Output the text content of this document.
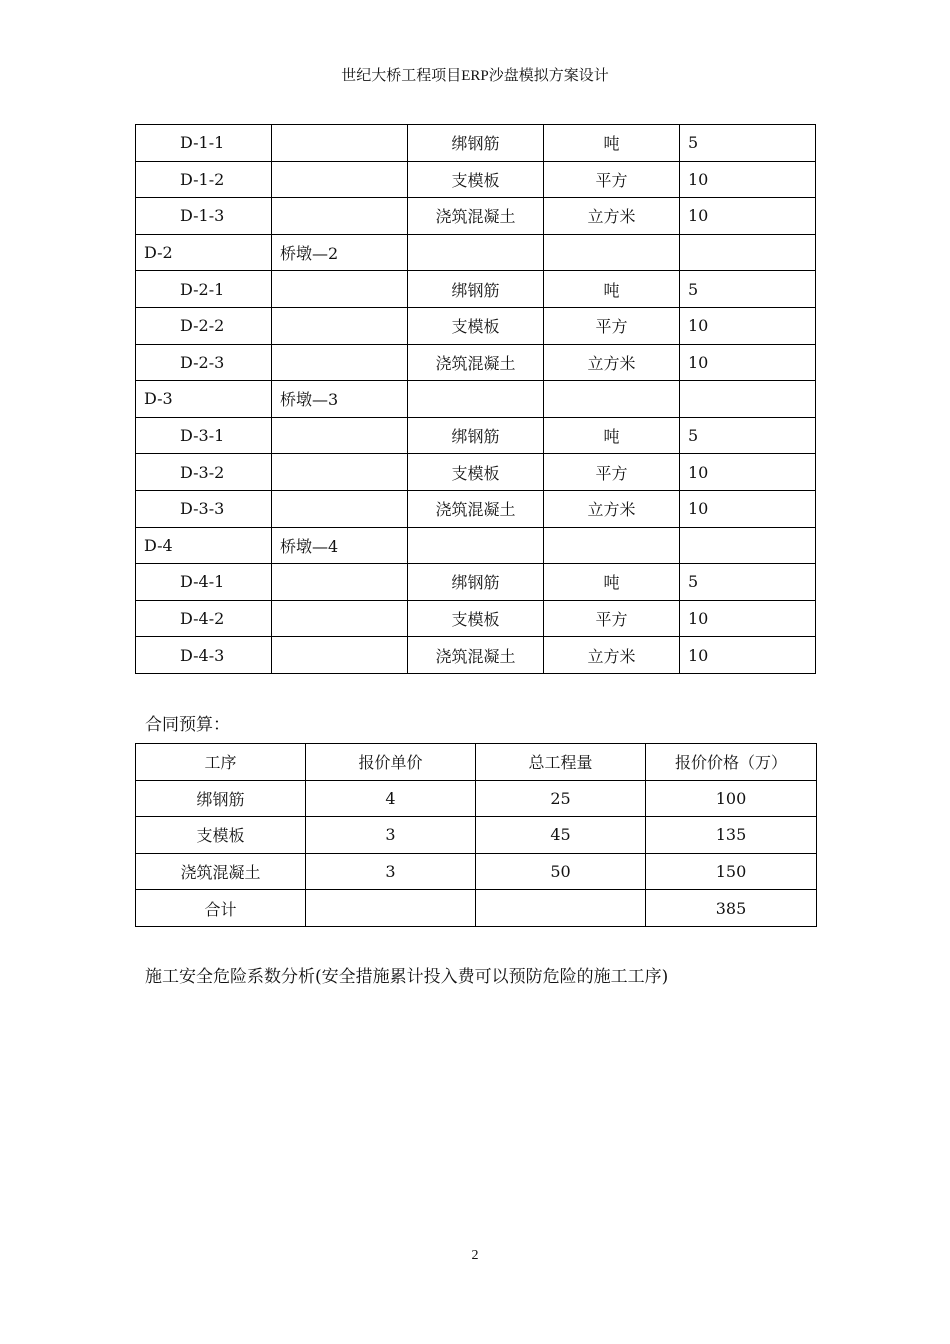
世纪大桥工程项目ERP沙盘模拟方案设计
D-1-1		绑钢筋	吨	5
D-1-2		支模板	平方	10
D-1-3		浇筑混凝土	立方米	10
D-2	桥墩—2			
D-2-1		绑钢筋	吨	5
D-2-2		支模板	平方	10
D-2-3		浇筑混凝土	立方米	10
D-3	桥墩—3			
D-3-1		绑钢筋	吨	5
D-3-2		支模板	平方	10
D-3-3		浇筑混凝土	立方米	10
D-4	桥墩—4			
D-4-1		绑钢筋	吨	5
D-4-2		支模板	平方	10
D-4-3		浇筑混凝土	立方米	10
合同预算：
工序	报价单价	总工程量	报价价格（万）
绑钢筋	4	25	100
支模板	3	45	135
浇筑混凝土	3	50	150
合计			385
施工安全危险系数分析(安全措施累计投入费可以预防危险的施工工序)
2
